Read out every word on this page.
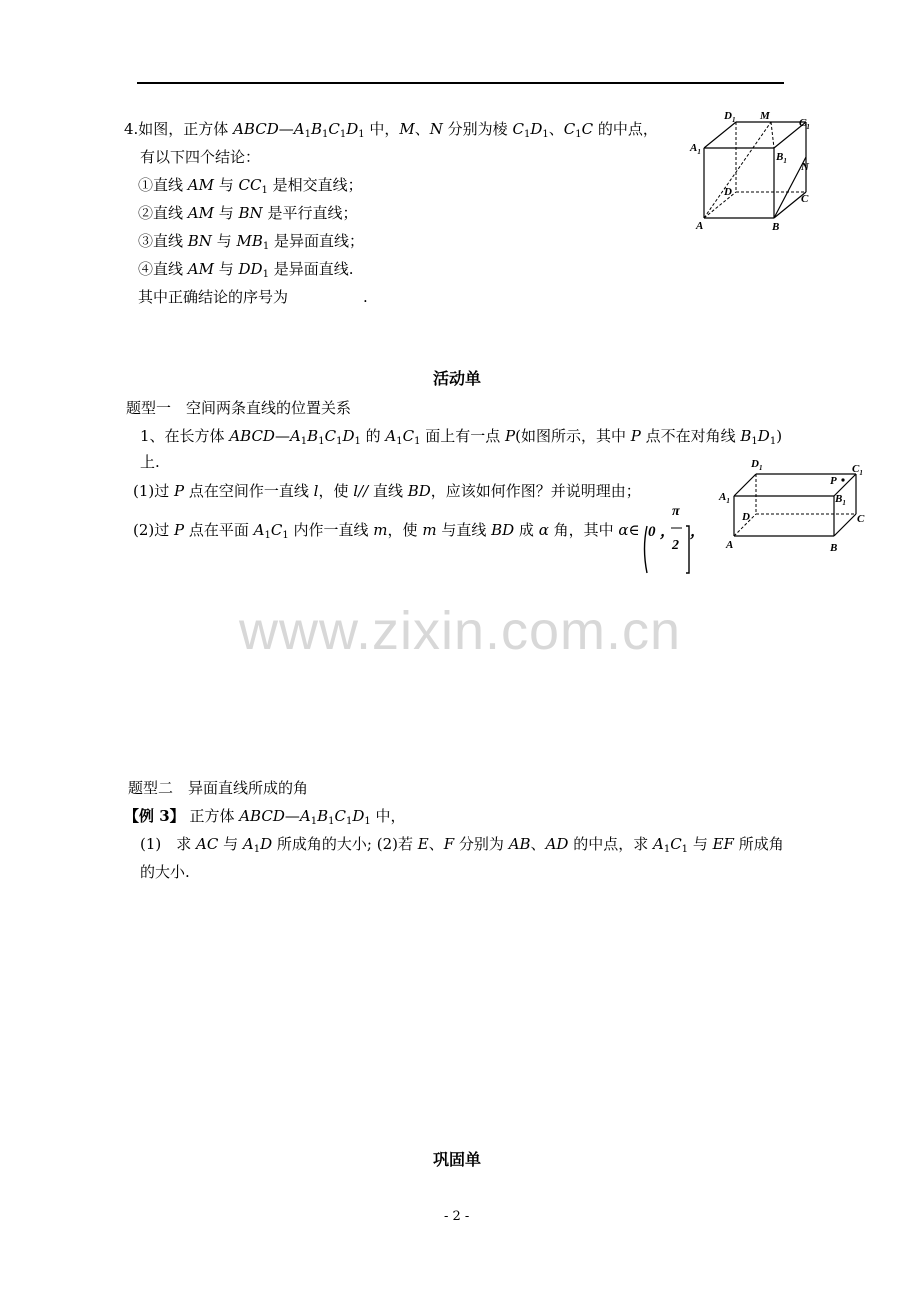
4.如图，正方体 $ABCD—A_1B_1C_1D_1$ 中，M、N 分别为棱 $C_1D_1$、$C_1C$ 的中点，
有以下四个结论：
①直线 AM 与 $CC_1$ 是相交直线；
②直线 AM 与 BN 是平行直线；
③直线 BN 与 $MB_1$ 是异面直线；
④直线 AM 与 $DD_1$ 是异面直线.
其中正确结论的序号为　　　　　	.
$D_1$ M
$C_1$
$A_1$	$B_1$ N
D
C
A	B
活动单
题型一　空间两条直线的位置关系
1、在长方体 $ABCD—A_1B_1C_1D_1$ 的 $A_1C_1$ 面上有一点 P(如图所示，其中 P 点不在对角线 $B_1D_1$)
上.
(1)过 P 点在空间作一直线 l，使 l// 直线 BD，应该如何作图？并说明理由；
(2)过 P 点在平面 $A_1C_1$ 内作一直线 m，使 m 与直线 BD 成 α 角，其中 α∈ 0 ，
π
2
，
$D_1$	$C_1$
P
$A_1$	$B_1$
D	C
A	B
www.zixin.com.cn
题型二　异面直线所成的角
【例 3】 正方体 $ABCD—A_1B_1C_1D_1$ 中，
(1)　求 AC 与 $A_1D$ 所成角的大小; (2)若 E、F 分别为 AB、AD 的中点，求 $A_1C_1$ 与 EF 所成角
的大小.
巩固单
- 2 -
